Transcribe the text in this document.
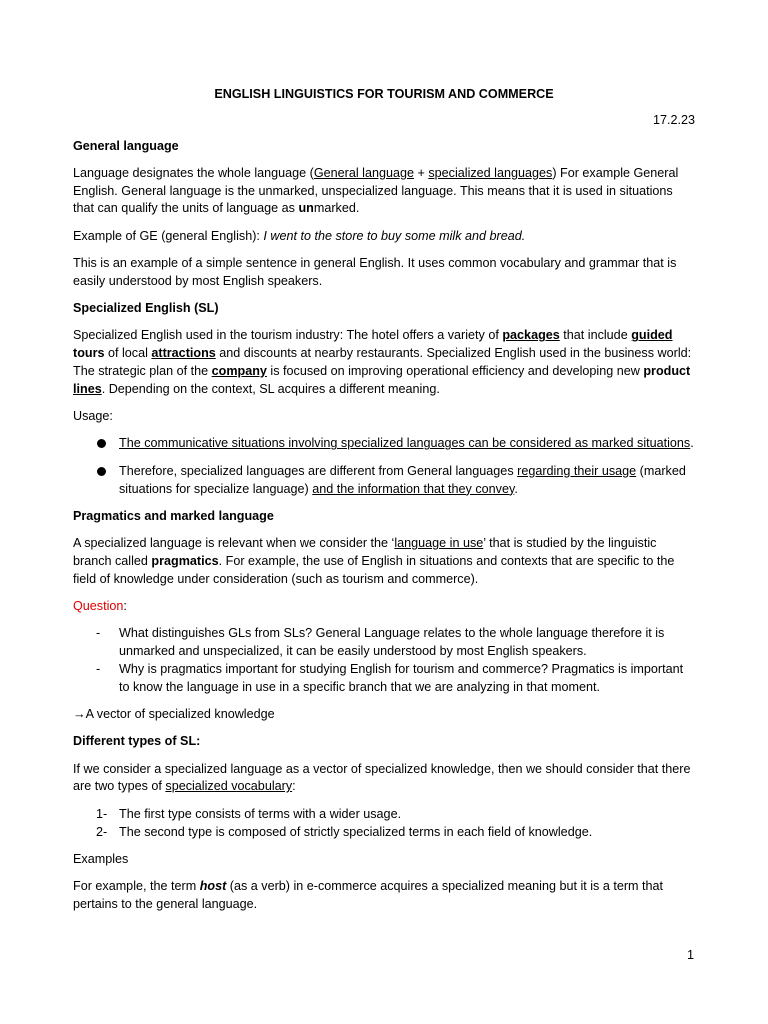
ENGLISH LINGUISTICS FOR TOURISM AND COMMERCE
17.2.23
General language

Language designates the whole language (General language + specialized languages) For example General English. General language is the unmarked, unspecialized language. This means that it is used in situations that can qualify the units of language as unmarked.

Example of GE (general English): I went to the store to buy some milk and bread.

This is an example of a simple sentence in general English. It uses common vocabulary and grammar that is easily understood by most English speakers.

Specialized English (SL)

Specialized English used in the tourism industry: The hotel offers a variety of packages that include guided tours of local attractions and discounts at nearby restaurants. Specialized English used in the business world: The strategic plan of the company is focused on improving operational efficiency and developing new product lines. Depending on the context, SL acquires a different meaning.

Usage:

The communicative situations involving specialized languages can be considered as marked situations.
Therefore, specialized languages are different from General languages regarding their usage (marked situations for specialize language) and the information that they convey.
Pragmatics and marked language

A specialized language is relevant when we consider the ‘language in use’ that is studied by the linguistic branch called pragmatics. For example, the use of English in situations and contexts that are specific to the field of knowledge under consideration (such as tourism and commerce).

Question:

- What distinguishes GLs from SLs? General Language relates to the whole language therefore it is unmarked and unspecialized, it can be easily understood by most English speakers.
- Why is pragmatics important for studying English for tourism and commerce? Pragmatics is important to know the language in use in a specific branch that we are analyzing in that moment.

→A vector of specialized knowledge

Different types of SL:

If we consider a specialized language as a vector of specialized knowledge, then we should consider that there are two types of specialized vocabulary:

1- The first type consists of terms with a wider usage.
2- The second type is composed of strictly specialized terms in each field of knowledge.

Examples

For example, the term host (as a verb) in e-commerce acquires a specialized meaning but it is a term that pertains to the general language.

1
